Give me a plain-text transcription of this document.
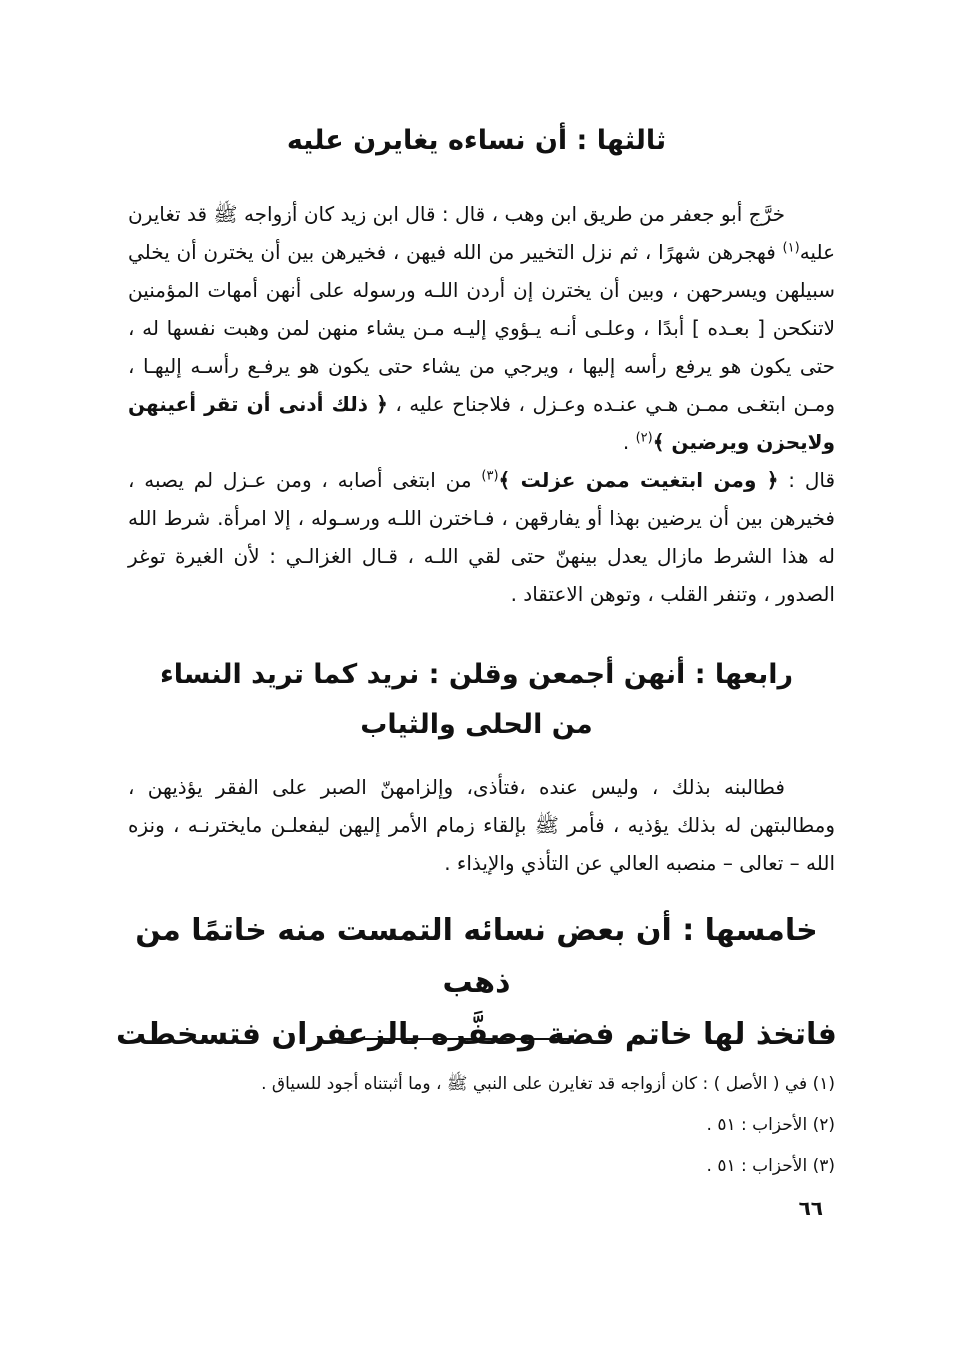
ثالثها : أن نساءه يغايرن عليه

خرَّج أبو جعفر من طريق ابن وهب ، قال : قال ابن زيد كان أزواجه ﷺ قد تغايرن عليه$^{(١)}$ فهجرهن شهرًا ، ثم نزل التخيير من الله فيهن ، فخيرهن بين أن يخترن أن يخلي سبيلهن ويسرحهن ، وبين أن يخترن إن أردن اللـه ورسوله على أنهن أمهات المؤمنين لاتنكحن [ بعـده ] أبدًا ، وعلـى أنـه يـؤوي إليـه مـن يشاء منهن لمن وهبت نفسها له ، حتى يكون هو يرفع رأسه إليها ، ويرجي من يشاء حتى يكون هو يرفـع رأسـه إليهـا ، ومـن ابتغـى ممـن هـي عنـده وعـزل ، فلاجناح عليه ، ﴿ ذلك أدنى أن تقر أعينهن ولايحزن ويرضين ﴾$^{(٢)}$ .
قال : ﴿ ومن ابتغيت ممن عزلت ﴾$^{(٣)}$ من ابتغى أصابه ، ومن عـزل لم يصبه ، فخيرهن بين أن يرضين بهذا أو يفارقهن ، فـاخترن اللـه ورسـوله ، إلا امرأة. شرط الله له هذا الشرط مازال يعدل بينهنّ حتى لقي اللـه ، قـال الغزالـي : لأن الغيرة توغر الصدور ، وتنفر القلب ، وتوهن الاعتقاد .

رابعها : أنهن أجمعن وقلن : نريد كما تريد النساء
من الحلى والثياب

فطالبنه بذلك ، وليس عنده ،فتأذى، وإلزامهنّ الصبر على الفقر يؤذيهن ، ومطالبتهن له بذلك يؤذيه ، فأمر ﷺ بإلقاء زمام الأمر إليهن ليفعلـن مايخترنـه ، ونزه الله – تعالى – منصبه العالي عن التأذي والإيذاء .

خامسها : أن بعض نسائه التمست منه خاتمًا من ذهب
فاتخذ لها خاتم فضة وصفَّره بالزعفران فتسخطت
(١) في ( الأصل ) : كان أزواجه قد تغايرن على النبي ﷺ ، وما أثبتناه أجود للسياق .
(٢) الأحزاب : ٥١ .
(٣) الأحزاب : ٥١ .
٦٦
